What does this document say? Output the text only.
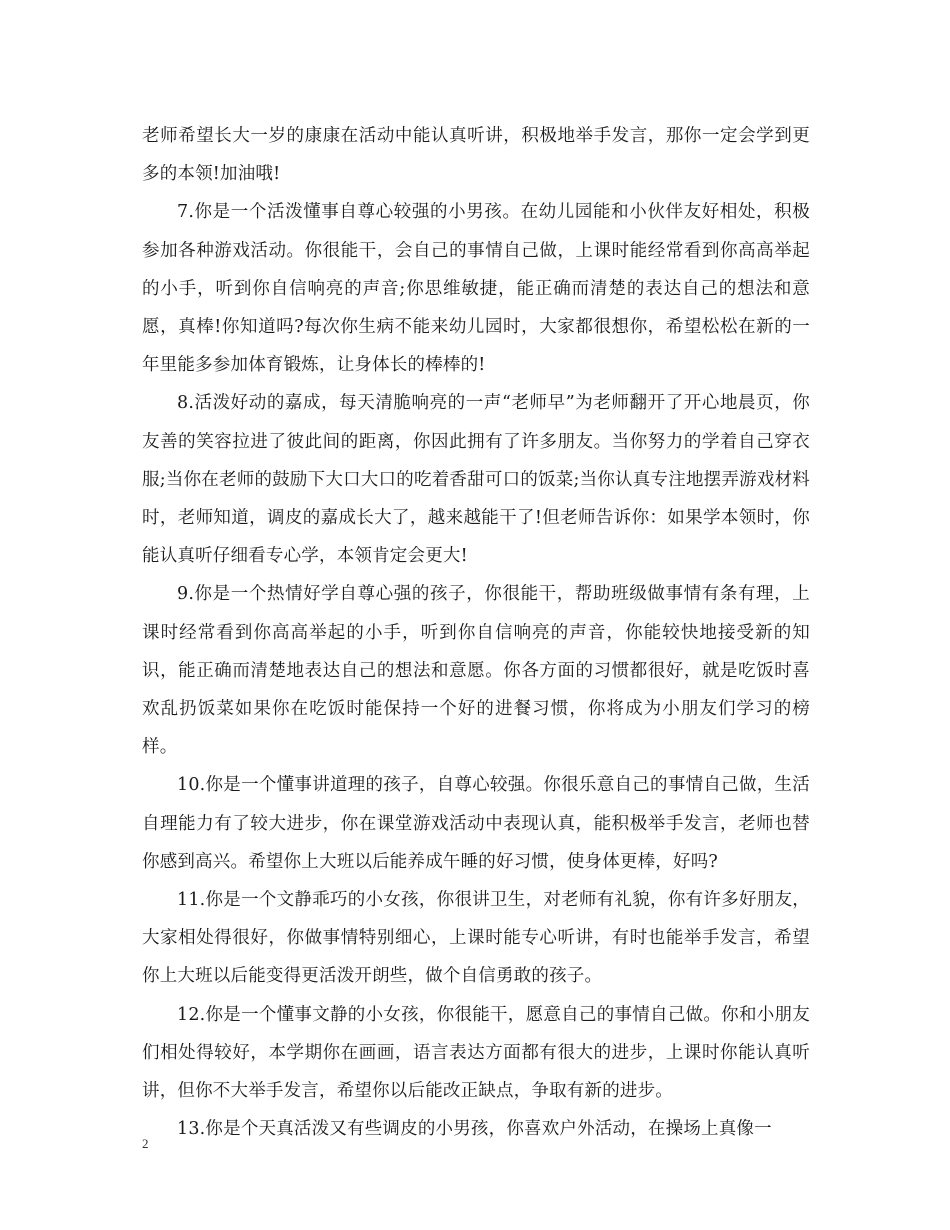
老师希望长大一岁的康康在活动中能认真听讲，积极地举手发言，那你一定会学到更多的本领!加油哦!

7.你是一个活泼懂事自尊心较强的小男孩。在幼儿园能和小伙伴友好相处，积极参加各种游戏活动。你很能干，会自己的事情自己做，上课时能经常看到你高高举起的小手，听到你自信响亮的声音;你思维敏捷，能正确而清楚的表达自己的想法和意愿，真棒!你知道吗?每次你生病不能来幼儿园时，大家都很想你，希望松松在新的一年里能多参加体育锻炼，让身体长的棒棒的!

8.活泼好动的嘉成，每天清脆响亮的一声“老师早”为老师翻开了开心地晨页，你友善的笑容拉进了彼此间的距离，你因此拥有了许多朋友。当你努力的学着自己穿衣服;当你在老师的鼓励下大口大口的吃着香甜可口的饭菜;当你认真专注地摆弄游戏材料时，老师知道，调皮的嘉成长大了，越来越能干了!但老师告诉你：如果学本领时，你能认真听仔细看专心学，本领肯定会更大!

9.你是一个热情好学自尊心强的孩子，你很能干，帮助班级做事情有条有理，上课时经常看到你高高举起的小手，听到你自信响亮的声音，你能较快地接受新的知识，能正确而清楚地表达自己的想法和意愿。你各方面的习惯都很好，就是吃饭时喜欢乱扔饭菜如果你在吃饭时能保持一个好的进餐习惯，你将成为小朋友们学习的榜样。

10.你是一个懂事讲道理的孩子，自尊心较强。你很乐意自己的事情自己做，生活自理能力有了较大进步，你在课堂游戏活动中表现认真，能积极举手发言，老师也替你感到高兴。希望你上大班以后能养成午睡的好习惯，使身体更棒，好吗?

11.你是一个文静乖巧的小女孩，你很讲卫生，对老师有礼貌，你有许多好朋友，大家相处得很好，你做事情特别细心，上课时能专心听讲，有时也能举手发言，希望你上大班以后能变得更活泼开朗些，做个自信勇敢的孩子。

12.你是一个懂事文静的小女孩，你很能干，愿意自己的事情自己做。你和小朋友们相处得较好，本学期你在画画，语言表达方面都有很大的进步，上课时你能认真听讲，但你不大举手发言，希望你以后能改正缺点，争取有新的进步。

13.你是个天真活泼又有些调皮的小男孩，你喜欢户外活动，在操场上真像一

2
